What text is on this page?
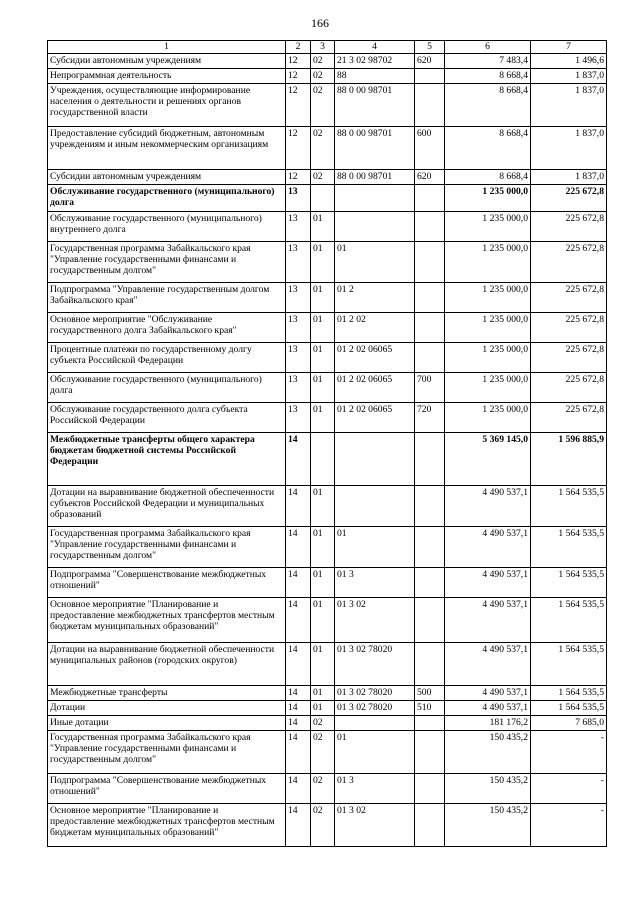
166
1	2	3	4	5	6	7
Субсидии автономным учреждениям	12	02	21 3 02 98702	620	7 483,4	1 496,6
Непрограммная деятельность	12	02	88		8 668,4	1 837,0
Учреждения, осуществляющие информирование населения о деятельности и решениях органов государственной власти	12	02	88 0 00 98701		8 668,4	1 837,0
Предоставление субсидий бюджетным, автономным учреждениям и иным некоммерческим организациям	12	02	88 0 00 98701	600	8 668,4	1 837,0
Субсидии автономным учреждениям	12	02	88 0 00 98701	620	8 668,4	1 837,0
Обслуживание государственного (муниципального) долга	13				1 235 000,0	225 672,8
Обслуживание государственного (муниципального) внутреннего долга	13	01			1 235 000,0	225 672,8
Государственная программа Забайкальского края "Управление государственными финансами и государственным долгом"	13	01	01		1 235 000,0	225 672,8
Подпрограмма "Управление государственным долгом Забайкальского края"	13	01	01 2		1 235 000,0	225 672,8
Основное мероприятие "Обслуживание государственного долга Забайкальского края"	13	01	01 2 02		1 235 000,0	225 672,8
Процентные платежи по государственному долгу субъекта Российской Федерации	13	01	01 2 02 06065		1 235 000,0	225 672,8
Обслуживание государственного (муниципального) долга	13	01	01 2 02 06065	700	1 235 000,0	225 672,8
Обслуживание государственного долга субъекта Российской Федерации	13	01	01 2 02 06065	720	1 235 000,0	225 672,8
Межбюджетные трансферты общего характера бюджетам бюджетной системы Российской Федерации	14				5 369 145,0	1 596 885,9
Дотации на выравнивание бюджетной обеспеченности субъектов Российской Федерации и муниципальных образований	14	01			4 490 537,1	1 564 535,5
Государственная программа Забайкальского края "Управление государственными финансами и государственным долгом"	14	01	01		4 490 537,1	1 564 535,5
Подпрограмма "Совершенствование межбюджетных отношений"	14	01	01 3		4 490 537,1	1 564 535,5
Основное мероприятие "Планирование и предоставление межбюджетных трансфертов местным бюджетам муниципальных образований"	14	01	01 3 02		4 490 537,1	1 564 535,5
Дотации на выравнивание бюджетной обеспеченности муниципальных районов (городских округов)	14	01	01 3 02 78020		4 490 537,1	1 564 535,5
Межбюджетные трансферты	14	01	01 3 02 78020	500	4 490 537,1	1 564 535,5
Дотации	14	01	01 3 02 78020	510	4 490 537,1	1 564 535,5
Иные дотации	14	02			181 176,2	7 685,0
Государственная программа Забайкальского края "Управление государственными финансами и государственным долгом"	14	02	01		150 435,2	-
Подпрограмма "Совершенствование межбюджетных отношений"	14	02	01 3		150 435,2	-
Основное мероприятие "Планирование и предоставление межбюджетных трансфертов местным бюджетам муниципальных образований"	14	02	01 3 02		150 435,2	-
